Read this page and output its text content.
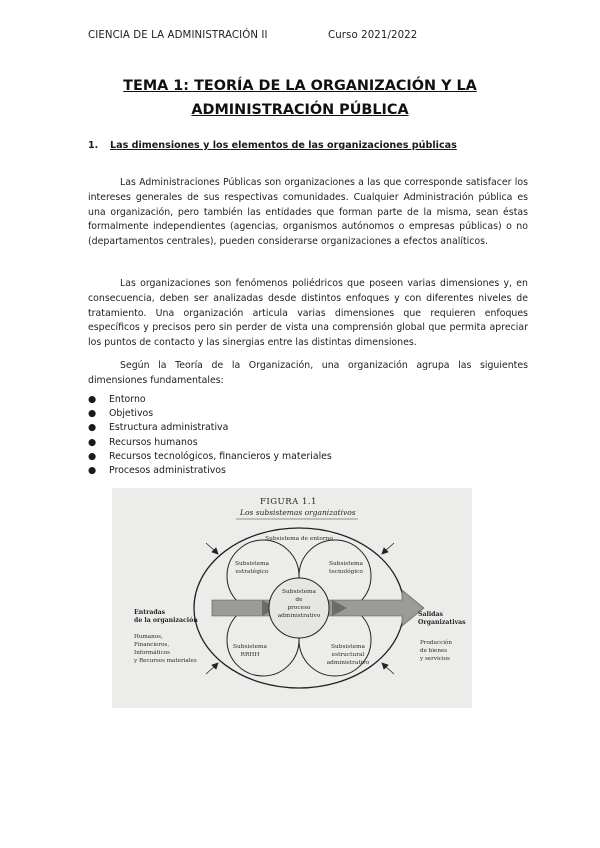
CIENCIA DE LA ADMINISTRACIÓN II	Curso 2021/2022
TEMA 1: TEORÍA DE LA ORGANIZACIÓN Y LA
ADMINISTRACIÓN PÚBLICA
1. Las dimensiones y los elementos de las organizaciones públicas

Las Administraciones Públicas son organizaciones a las que corresponde satisfacer los intereses generales de sus respectivas comunidades. Cualquier Administración pública es una organización, pero también las entidades que forman parte de la misma, sean éstas formalmente independientes (agencias, organismos autónomos o empresas públicas) o no (departamentos centrales), pueden considerarse organizaciones a efectos analíticos.

Las organizaciones son fenómenos poliédricos que poseen varias dimensiones y, en consecuencia, deben ser analizadas desde distintos enfoques y con diferentes niveles de tratamiento. Una organización articula varias dimensiones que requieren enfoques específicos y precisos pero sin perder de vista una comprensión global que permita apreciar los puntos de contacto y las sinergias entre las distintas dimensiones.

Según la Teoría de la Organización, una organización agrupa las siguientes dimensiones fundamentales:

● Entorno
● Objetivos
● Estructura administrativa
● Recursos humanos
● Recursos tecnológicos, financieros y materiales
● Procesos administrativos
FIGURA 1.1
Los subsistemas organizativos
Subsistema de entorno
Subsistema
de
proceso
administrativo
Subsistema
estratégico
Subsistema
tecnológico
Subsistema
RRHH
Subsistema
estructural
administrativo
Entradas
de la organización
Humanos,
Financieros,
Informáticos
y Recursos materiales
Salidas
Organizativas
Producción
de bienes
y servicios
